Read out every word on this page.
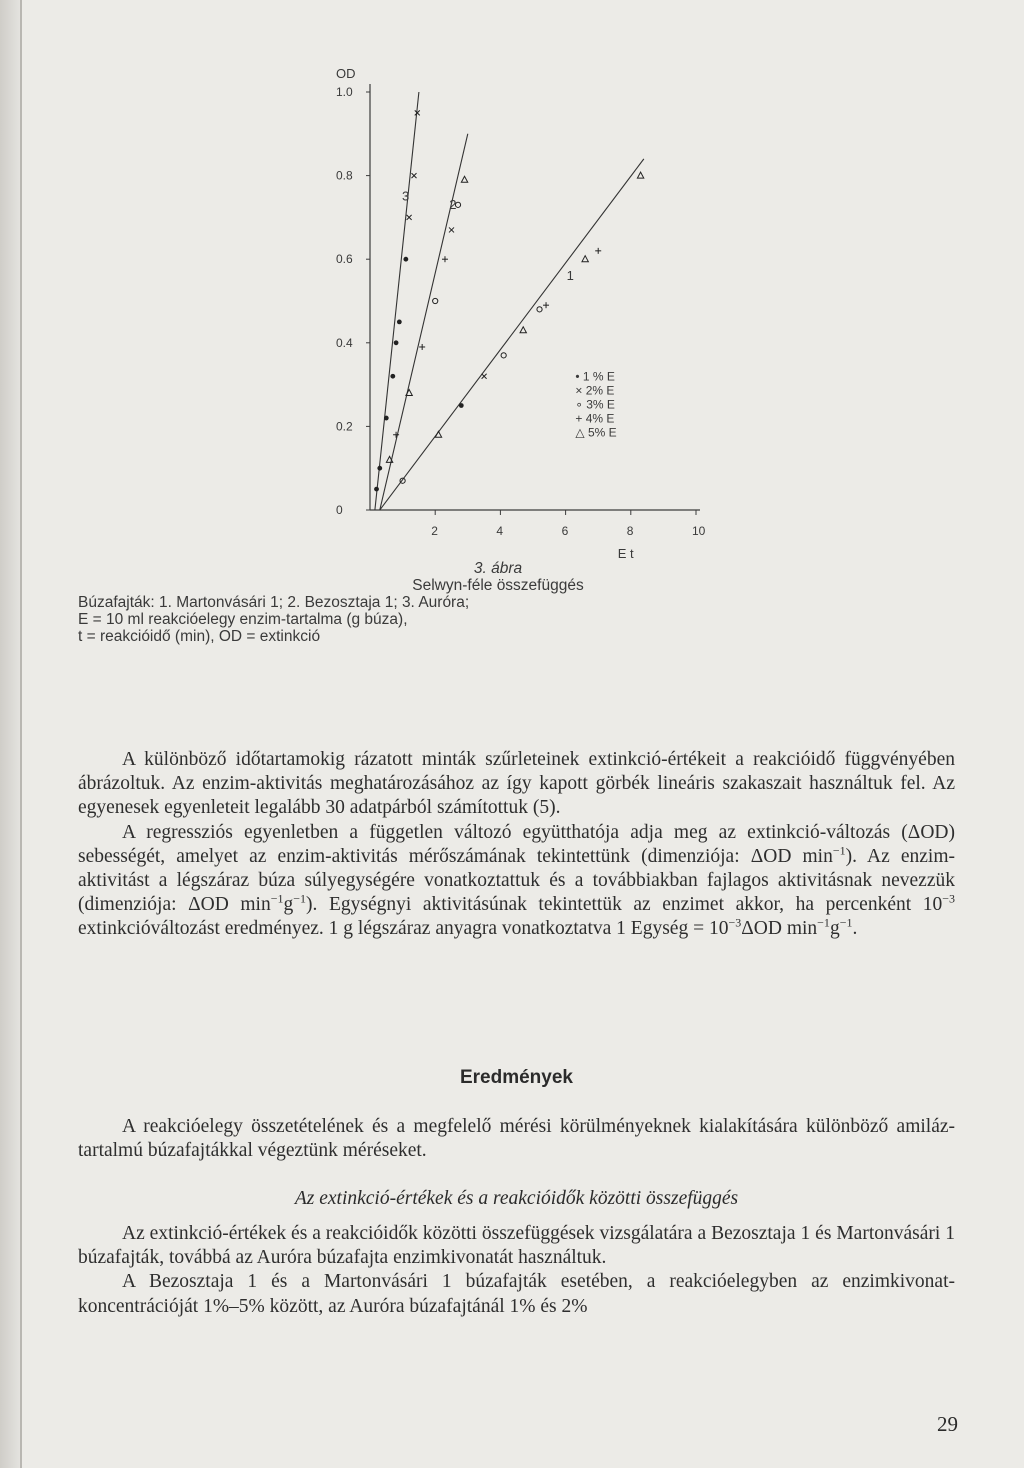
OD
E t
0
0.2
0.4
0.6
0.8
1.0
2	4	6	8	10
3
2
1
• 1 % E
× 2% E
∘ 3% E
+ 4% E
△ 5% E
3. ábra
Selwyn-féle összefüggés
Búzafajták: 1. Martonvásári 1; 2. Bezosztaja 1; 3. Auróra;
E = 10 ml reakcióelegy enzim-tartalma (g búza),
t = reakcióidő (min), OD = extinkció

A különböző időtartamokig rázatott minták szűrleteinek extinkció-értékeit a reakcióidő függvényében ábrázoltuk. Az enzim-aktivitás meghatározásához az így kapott görbék lineáris szakaszait használtuk fel. Az egyenesek egyenleteit legalább 30 adatpárból számítottuk (5).

A regressziós egyenletben a független változó együtthatója adja meg az extinkció-változás (ΔOD) sebességét, amelyet az enzim-aktivitás mérőszámának tekintettünk (dimenziója: ΔOD $\min^{-1}$). Az enzim-aktivitást a légszáraz búza súlyegységére vonatkoztattuk és a továbbiakban fajlagos aktivitásnak nevezzük (dimenziója: ΔOD $\min^{-1}g^{-1}$). Egységnyi aktivitásúnak tekintettük az enzimet akkor, ha percenként $10^{-3}$ extinkcióváltozást eredményez. 1 g légszáraz anyagra vonatkoztatva 1 Egység = $10^{-3}\Delta OD$ $\min^{-1}g^{-1}$.

Eredmények

A reakcióelegy összetételének és a megfelelő mérési körülményeknek kialakítására különböző amiláz-tartalmú búzafajtákkal végeztünk méréseket.

Az extinkció-értékek és a reakcióidők közötti összefüggés

Az extinkció-értékek és a reakcióidők közötti összefüggések vizsgálatára a Bezosztaja 1 és Martonvásári 1 búzafajták, továbbá az Auróra búzafajta enzimkivonatát használtuk.

A Bezosztaja 1 és a Martonvásári 1 búzafajták esetében, a reakcióelegyben az enzimkivonat-koncentrációját 1%–5% között, az Auróra búzafajtánál 1% és 2%

29
